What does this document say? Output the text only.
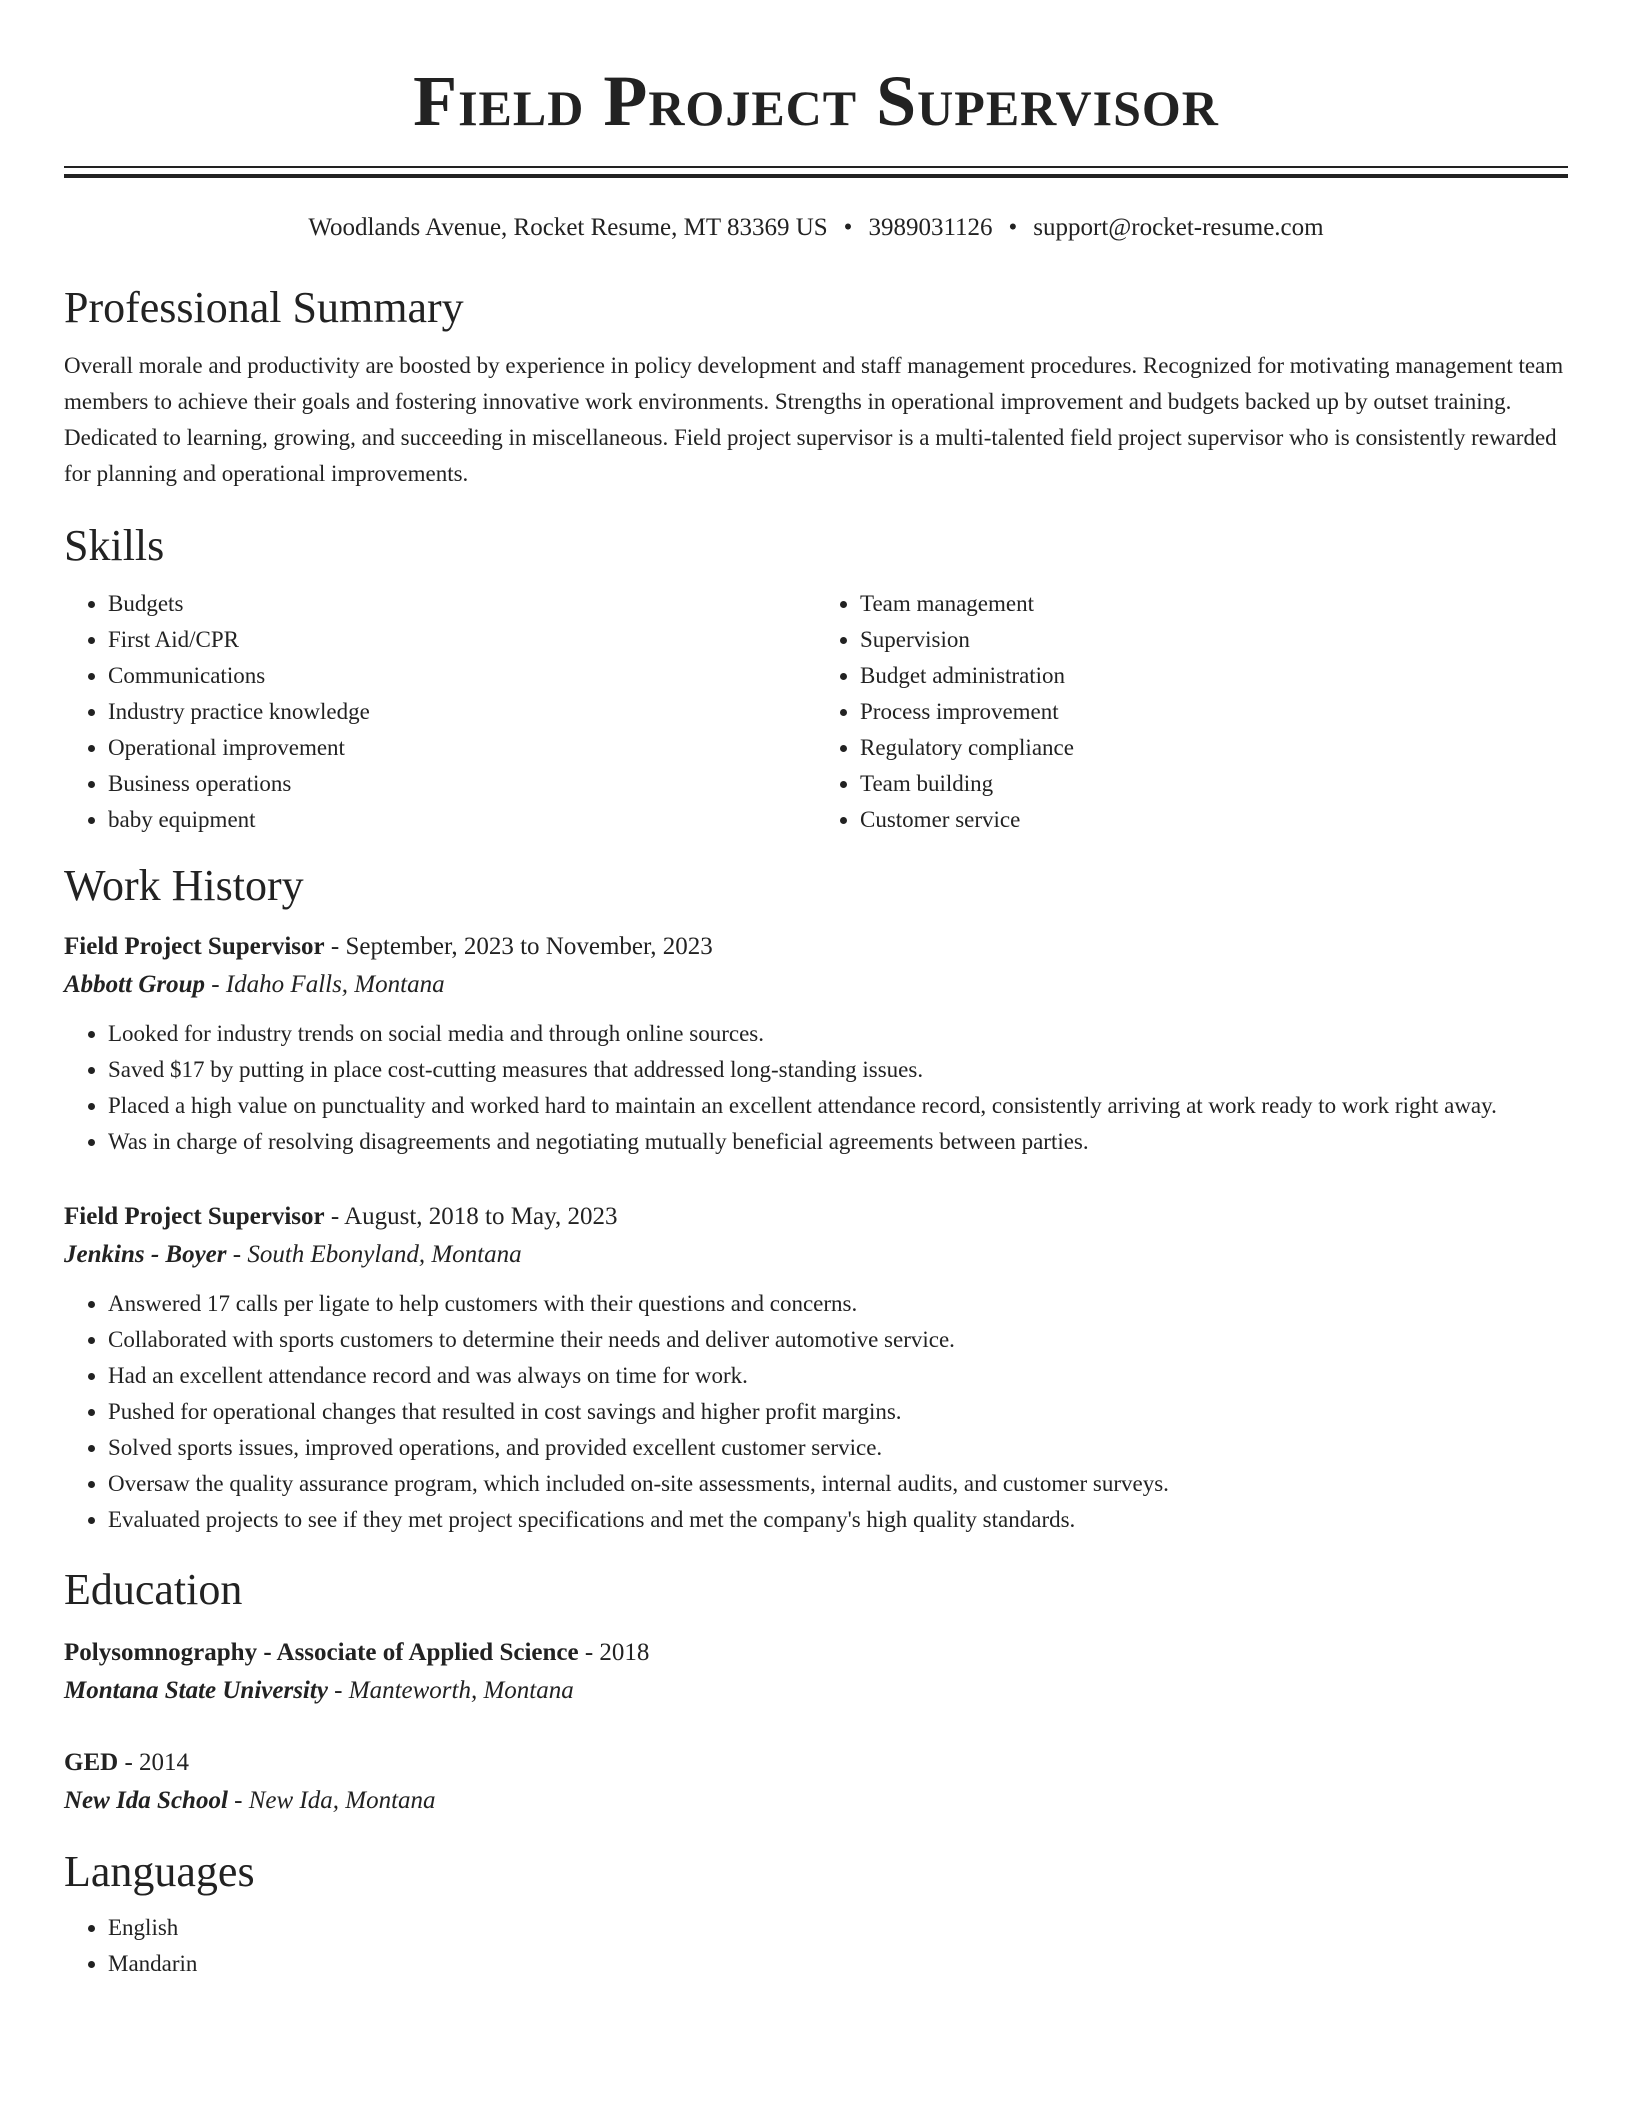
Field Project Supervisor
Woodlands Avenue, Rocket Resume, MT 83369 US • 3989031126 • support@rocket-resume.com
Professional Summary
Overall morale and productivity are boosted by experience in policy development and staff management procedures. Recognized for motivating management team members to achieve their goals and fostering innovative work environments. Strengths in operational improvement and budgets backed up by outset training. Dedicated to learning, growing, and succeeding in miscellaneous. Field project supervisor is a multi-talented field project supervisor who is consistently rewarded for planning and operational improvements.
Skills
• Budgets
• First Aid/CPR
• Communications
• Industry practice knowledge
• Operational improvement
• Business operations
• baby equipment
• Team management
• Supervision
• Budget administration
• Process improvement
• Regulatory compliance
• Team building
• Customer service
Work History
Field Project Supervisor - September, 2023 to November, 2023
Abbott Group - Idaho Falls, Montana
• Looked for industry trends on social media and through online sources.
• Saved $17 by putting in place cost-cutting measures that addressed long-standing issues.
• Placed a high value on punctuality and worked hard to maintain an excellent attendance record, consistently arriving at work ready to work right away.
• Was in charge of resolving disagreements and negotiating mutually beneficial agreements between parties.
Field Project Supervisor - August, 2018 to May, 2023
Jenkins - Boyer - South Ebonyland, Montana
• Answered 17 calls per ligate to help customers with their questions and concerns.
• Collaborated with sports customers to determine their needs and deliver automotive service.
• Had an excellent attendance record and was always on time for work.
• Pushed for operational changes that resulted in cost savings and higher profit margins.
• Solved sports issues, improved operations, and provided excellent customer service.
• Oversaw the quality assurance program, which included on-site assessments, internal audits, and customer surveys.
• Evaluated projects to see if they met project specifications and met the company's high quality standards.
Education
Polysomnography - Associate of Applied Science - 2018
Montana State University - Manteworth, Montana
GED - 2014
New Ida School - New Ida, Montana
Languages
• English
• Mandarin
